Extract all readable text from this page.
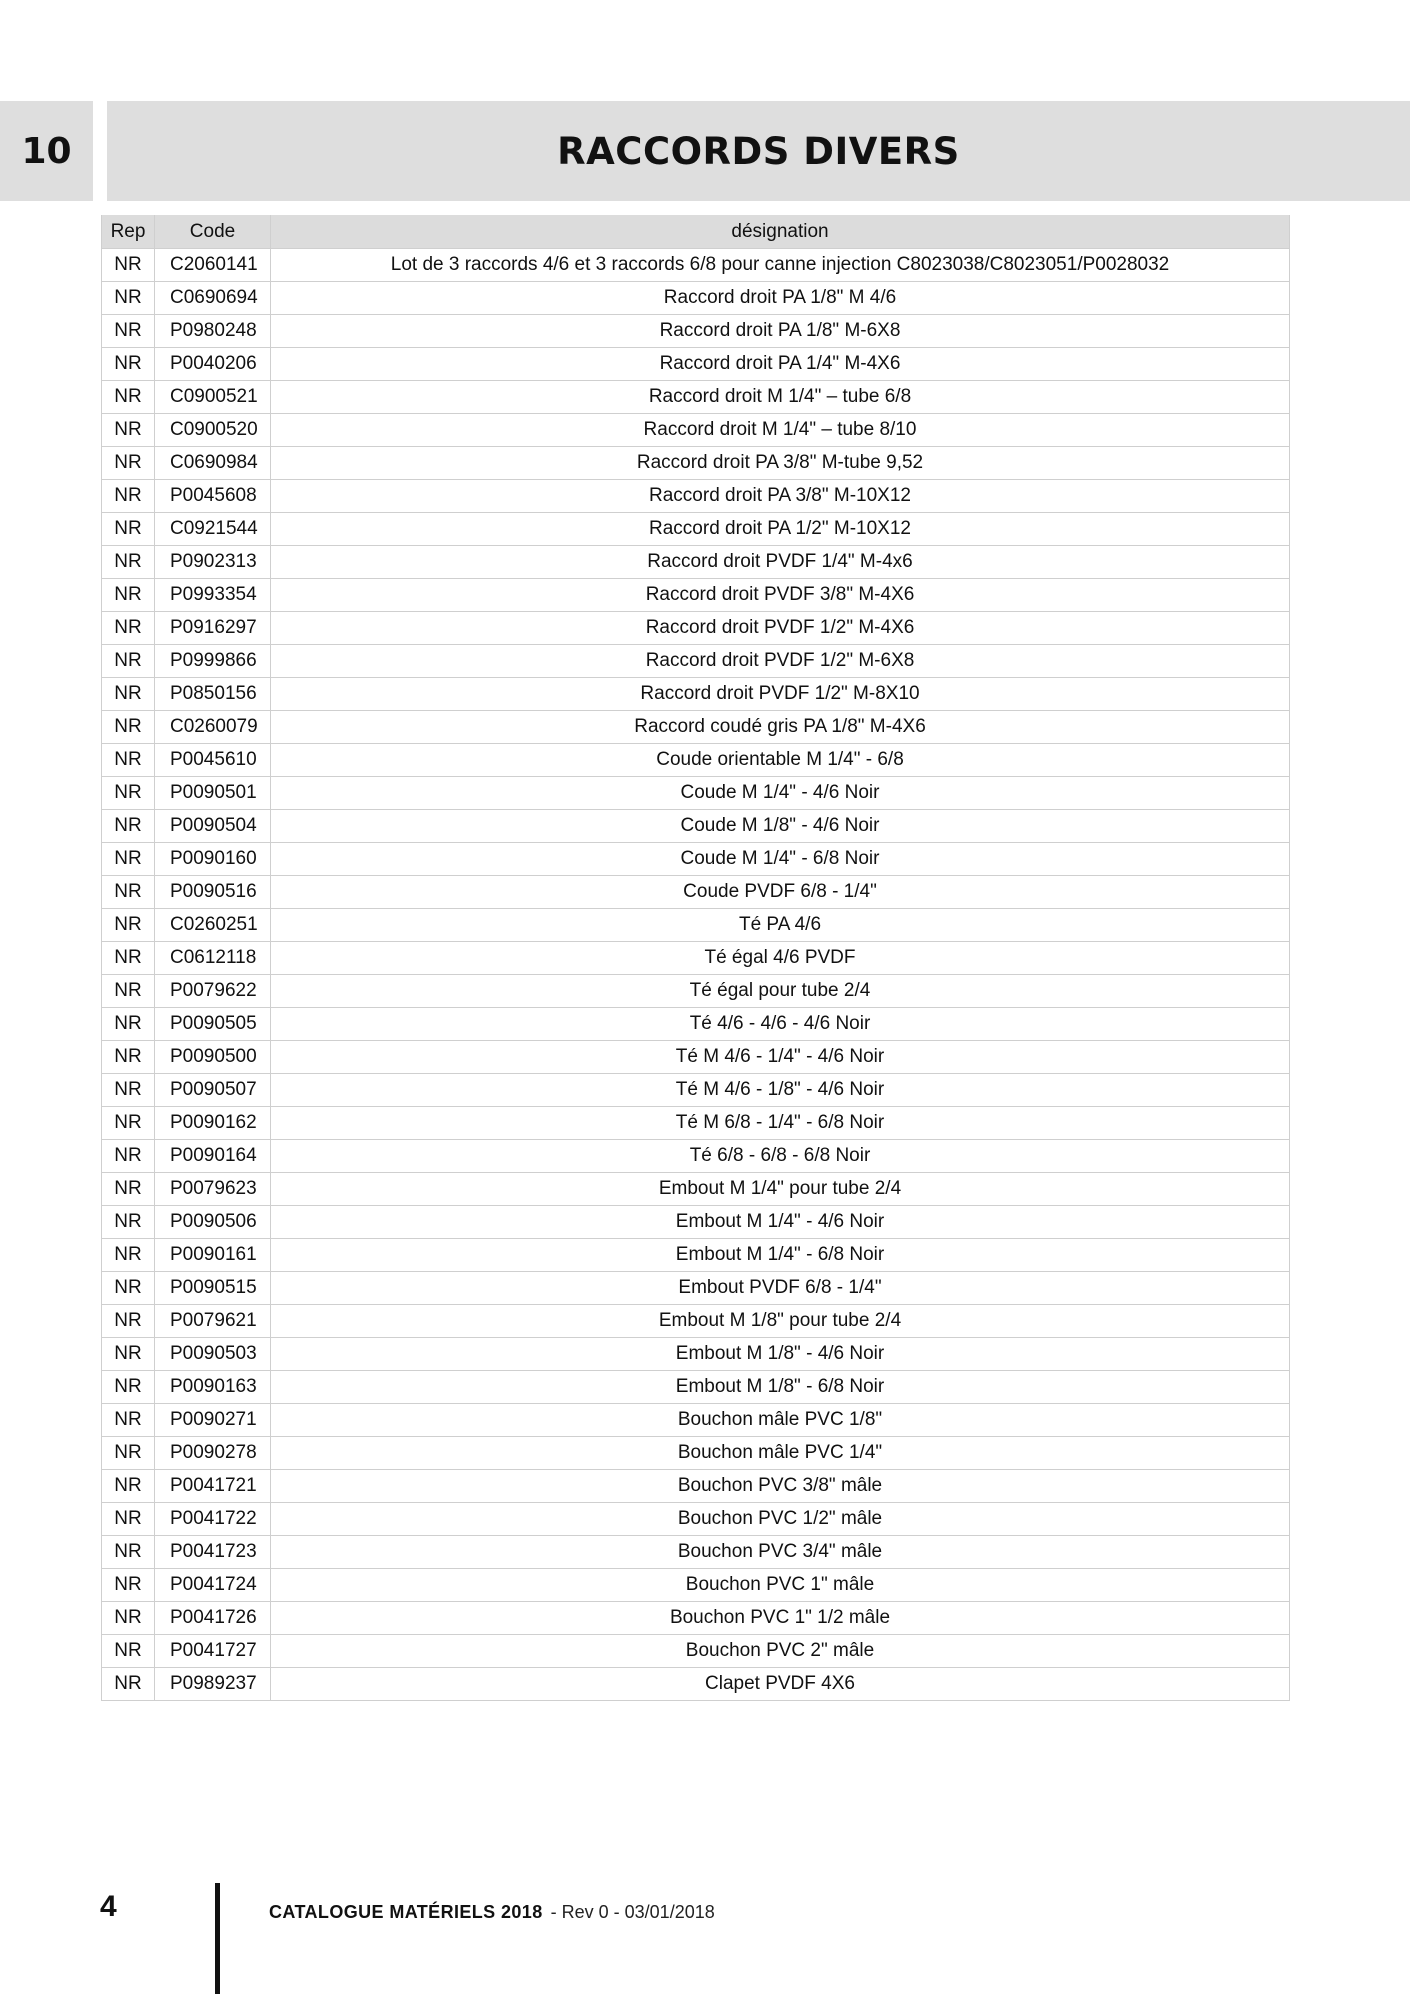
10	RACCORDS DIVERS
Rep	Code	désignation
NR	C2060141	Lot de 3 raccords 4/6 et 3 raccords 6/8 pour canne injection C8023038/C8023051/P0028032
NR	C0690694	Raccord droit PA 1/8" M 4/6
NR	P0980248	Raccord droit PA 1/8" M-6X8
NR	P0040206	Raccord droit PA 1/4" M-4X6
NR	C0900521	Raccord droit M 1/4" – tube 6/8
NR	C0900520	Raccord droit M 1/4" – tube 8/10
NR	C0690984	Raccord droit PA 3/8" M-tube 9,52
NR	P0045608	Raccord droit PA 3/8" M-10X12
NR	C0921544	Raccord droit PA 1/2" M-10X12
NR	P0902313	Raccord droit PVDF 1/4" M-4x6
NR	P0993354	Raccord droit PVDF 3/8" M-4X6
NR	P0916297	Raccord droit PVDF 1/2" M-4X6
NR	P0999866	Raccord droit PVDF 1/2" M-6X8
NR	P0850156	Raccord droit PVDF 1/2" M-8X10
NR	C0260079	Raccord coudé gris PA 1/8" M-4X6
NR	P0045610	Coude orientable M 1/4" - 6/8
NR	P0090501	Coude M 1/4" - 4/6 Noir
NR	P0090504	Coude M 1/8" - 4/6 Noir
NR	P0090160	Coude M 1/4" - 6/8 Noir
NR	P0090516	Coude PVDF 6/8 - 1/4"
NR	C0260251	Té PA 4/6
NR	C0612118	Té égal 4/6 PVDF
NR	P0079622	Té égal pour tube 2/4
NR	P0090505	Té 4/6 - 4/6 - 4/6 Noir
NR	P0090500	Té M 4/6 - 1/4" - 4/6 Noir
NR	P0090507	Té M 4/6 - 1/8" - 4/6 Noir
NR	P0090162	Té M 6/8 - 1/4" - 6/8 Noir
NR	P0090164	Té 6/8 - 6/8 - 6/8 Noir
NR	P0079623	Embout M 1/4" pour tube 2/4
NR	P0090506	Embout M 1/4" - 4/6 Noir
NR	P0090161	Embout M 1/4" - 6/8 Noir
NR	P0090515	Embout PVDF 6/8 - 1/4"
NR	P0079621	Embout M 1/8" pour tube 2/4
NR	P0090503	Embout M 1/8" - 4/6 Noir
NR	P0090163	Embout M 1/8" - 6/8 Noir
NR	P0090271	Bouchon mâle PVC 1/8"
NR	P0090278	Bouchon mâle PVC 1/4"
NR	P0041721	Bouchon PVC 3/8" mâle
NR	P0041722	Bouchon PVC 1/2" mâle
NR	P0041723	Bouchon PVC 3/4" mâle
NR	P0041724	Bouchon PVC 1" mâle
NR	P0041726	Bouchon PVC 1" 1/2 mâle
NR	P0041727	Bouchon PVC 2" mâle
NR	P0989237	Clapet PVDF 4X6
4	CATALOGUE MATÉRIELS 2018 - Rev 0 - 03/01/2018
